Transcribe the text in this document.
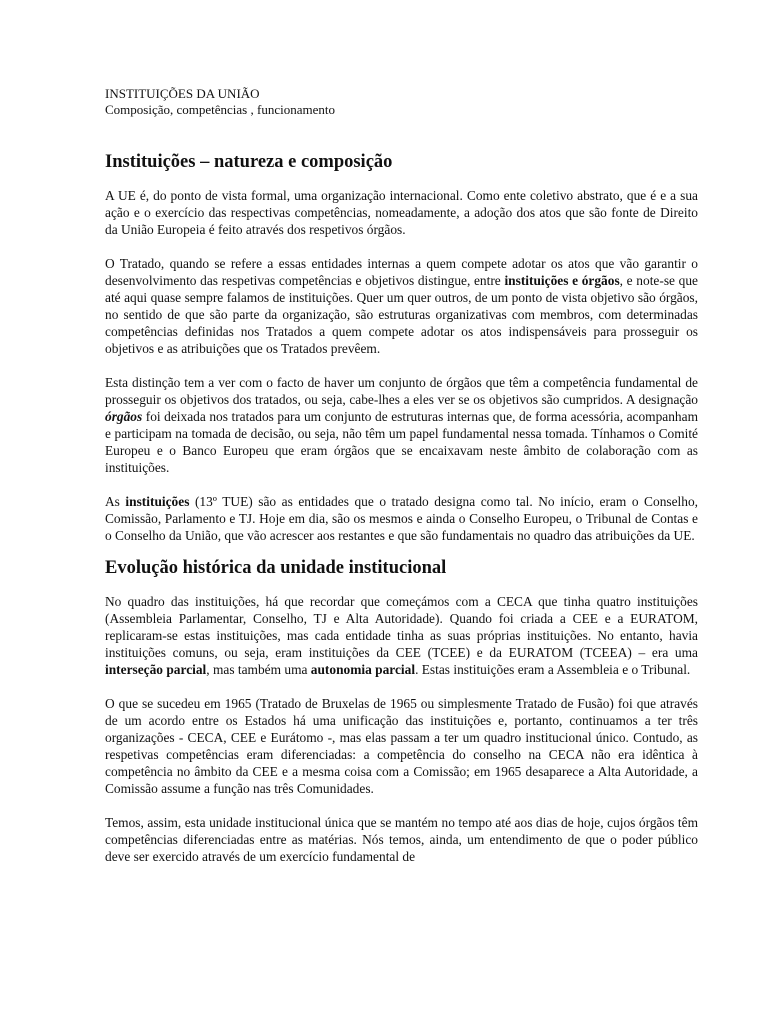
INSTITUIÇÕES DA UNIÃO
Composição, competências , funcionamento
Instituições – natureza e composição

A UE é, do ponto de vista formal, uma organização internacional. Como ente coletivo abstrato, que é e a sua ação e o exercício das respectivas competências, nomeadamente, a adoção dos atos que são fonte de Direito da União Europeia é feito através dos respetivos órgãos.

O Tratado, quando se refere a essas entidades internas a quem compete adotar os atos que vão garantir o desenvolvimento das respetivas competências e objetivos distingue, entre instituições e órgãos, e note-se que até aqui quase sempre falamos de instituições. Quer um quer outros, de um ponto de vista objetivo são órgãos, no sentido de que são parte da organização, são estruturas organizativas com membros, com determinadas competências definidas nos Tratados a quem compete adotar os atos indispensáveis para prosseguir os objetivos e as atribuições que os Tratados prevêem.

Esta distinção tem a ver com o facto de haver um conjunto de órgãos que têm a competência fundamental de prosseguir os objetivos dos tratados, ou seja, cabe-lhes a eles ver se os objetivos são cumpridos. A designação órgãos foi deixada nos tratados para um conjunto de estruturas internas que, de forma acessória, acompanham e participam na tomada de decisão, ou seja, não têm um papel fundamental nessa tomada. Tínhamos o Comité Europeu e o Banco Europeu que eram órgãos que se encaixavam neste âmbito de colaboração com as instituições.

As instituições (13º TUE) são as entidades que o tratado designa como tal. No início, eram o Conselho, Comissão, Parlamento e TJ. Hoje em dia, são os mesmos e ainda o Conselho Europeu, o Tribunal de Contas e o Conselho da União, que vão acrescer aos restantes e que são fundamentais no quadro das atribuições da UE.

Evolução histórica da unidade institucional

No quadro das instituições, há que recordar que começámos com a CECA que tinha quatro instituições (Assembleia Parlamentar, Conselho, TJ e Alta Autoridade). Quando foi criada a CEE e a EURATOM, replicaram-se estas instituições, mas cada entidade tinha as suas próprias instituições. No entanto, havia instituições comuns, ou seja, eram instituições da CEE (TCEE) e da EURATOM (TCEEA) – era uma interseção parcial, mas também uma autonomia parcial. Estas instituições eram a Assembleia e o Tribunal.

O que se sucedeu em 1965 (Tratado de Bruxelas de 1965 ou simplesmente Tratado de Fusão) foi que através de um acordo entre os Estados há uma unificação das instituições e, portanto, continuamos a ter três organizações - CECA, CEE e Eurátomo -, mas elas passam a ter um quadro institucional único. Contudo, as respetivas competências eram diferenciadas: a competência do conselho na CECA não era idêntica à competência no âmbito da CEE e a mesma coisa com a Comissão; em 1965 desaparece a Alta Autoridade, a Comissão assume a função nas três Comunidades.

Temos, assim, esta unidade institucional única que se mantém no tempo até aos dias de hoje, cujos órgãos têm competências diferenciadas entre as matérias. Nós temos, ainda, um entendimento de que o poder público deve ser exercido através de um exercício fundamental de
